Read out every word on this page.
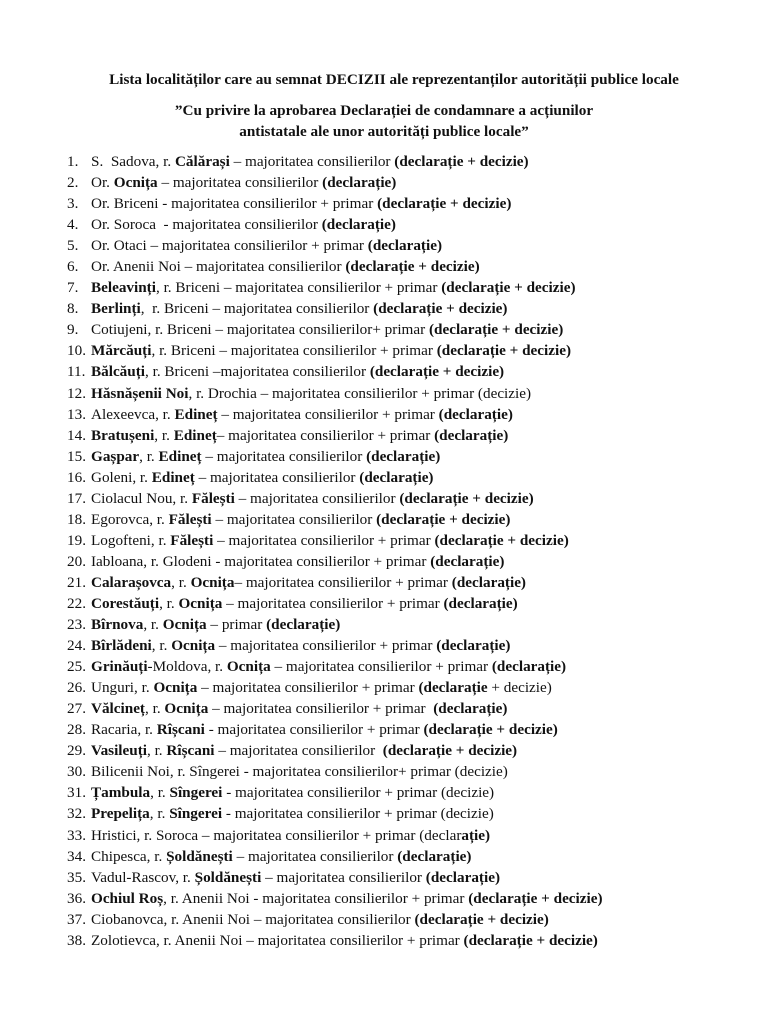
Lista localităților care au semnat DECIZII ale reprezentanților autorității publice locale
”Cu privire la aprobarea Declarației de condamnare a acțiunilor
antistatale ale unor autorități publice locale”
1. S.  Sadova, r. Călărași – majoritatea consilierilor (declarație + decizie)
2. Or. Ocnița – majoritatea consilierilor (declarație)
3. Or. Briceni - majoritatea consilierilor + primar (declarație + decizie)
4. Or. Soroca  - majoritatea consilierilor (declarație)
5. Or. Otaci – majoritatea consilierilor + primar (declarație)
6. Or. Anenii Noi – majoritatea consilierilor (declarație + decizie)
7. Beleavinți, r. Briceni – majoritatea consilierilor + primar (declarație + decizie)
8. Berlinți,  r. Briceni – majoritatea consilierilor (declarație + decizie)
9. Cotiujeni, r. Briceni – majoritatea consilierilor+ primar (declarație + decizie)
10. Mărcăuți, r. Briceni – majoritatea consilierilor + primar (declarație + decizie)
11. Bălcăuți, r. Briceni –majoritatea consilierilor (declarație + decizie)
12. Hăsnășenii Noi, r. Drochia – majoritatea consilierilor + primar (decizie)
13. Alexeevca, r. Edineț – majoritatea consilierilor + primar (declarație)
14. Bratușeni, r. Edineț– majoritatea consilierilor + primar (declarație)
15. Gașpar, r. Edineț – majoritatea consilierilor (declarație)
16. Goleni, r. Edineț – majoritatea consilierilor (declarație)
17. Ciolacul Nou, r. Fălești – majoritatea consilierilor (declarație + decizie)
18. Egorovca, r. Fălești – majoritatea consilierilor (declarație + decizie)
19. Logofteni, r. Fălești – majoritatea consilierilor + primar (declarație + decizie)
20. Iabloana, r. Glodeni - majoritatea consilierilor + primar (declarație)
21. Calarașovca, r. Ocnița– majoritatea consilierilor + primar (declarație)
22. Corestăuți, r. Ocnița – majoritatea consilierilor + primar (declarație)
23. Bîrnova, r. Ocnița – primar (declarație)
24. Bîrlădeni, r. Ocnița – majoritatea consilierilor + primar (declarație)
25. Grinăuți-Moldova, r. Ocnița – majoritatea consilierilor + primar (declarație)
26. Unguri, r. Ocnița – majoritatea consilierilor + primar (declarație + decizie)
27. Vălcineț, r. Ocnița – majoritatea consilierilor + primar  (declarație)
28. Racaria, r. Rîșcani - majoritatea consilierilor + primar (declarație + decizie)
29. Vasileuți, r. Rîșcani – majoritatea consilierilor  (declarație + decizie)
30. Bilicenii Noi, r. Sîngerei - majoritatea consilierilor+ primar (decizie)
31. Țambula, r. Sîngerei - majoritatea consilierilor + primar (decizie)
32. Prepelița, r. Sîngerei - majoritatea consilierilor + primar (decizie)
33. Hristici, r. Soroca – majoritatea consilierilor + primar (declarație)
34. Chipesca, r. Șoldănești – majoritatea consilierilor (declarație)
35. Vadul-Rascov, r. Șoldănești – majoritatea consilierilor (declarație)
36. Ochiul Roș, r. Anenii Noi - majoritatea consilierilor + primar (declarație + decizie)
37. Ciobanovca, r. Anenii Noi – majoritatea consilierilor (declarație + decizie)
38. Zolotievca, r. Anenii Noi – majoritatea consilierilor + primar (declarație + decizie)
